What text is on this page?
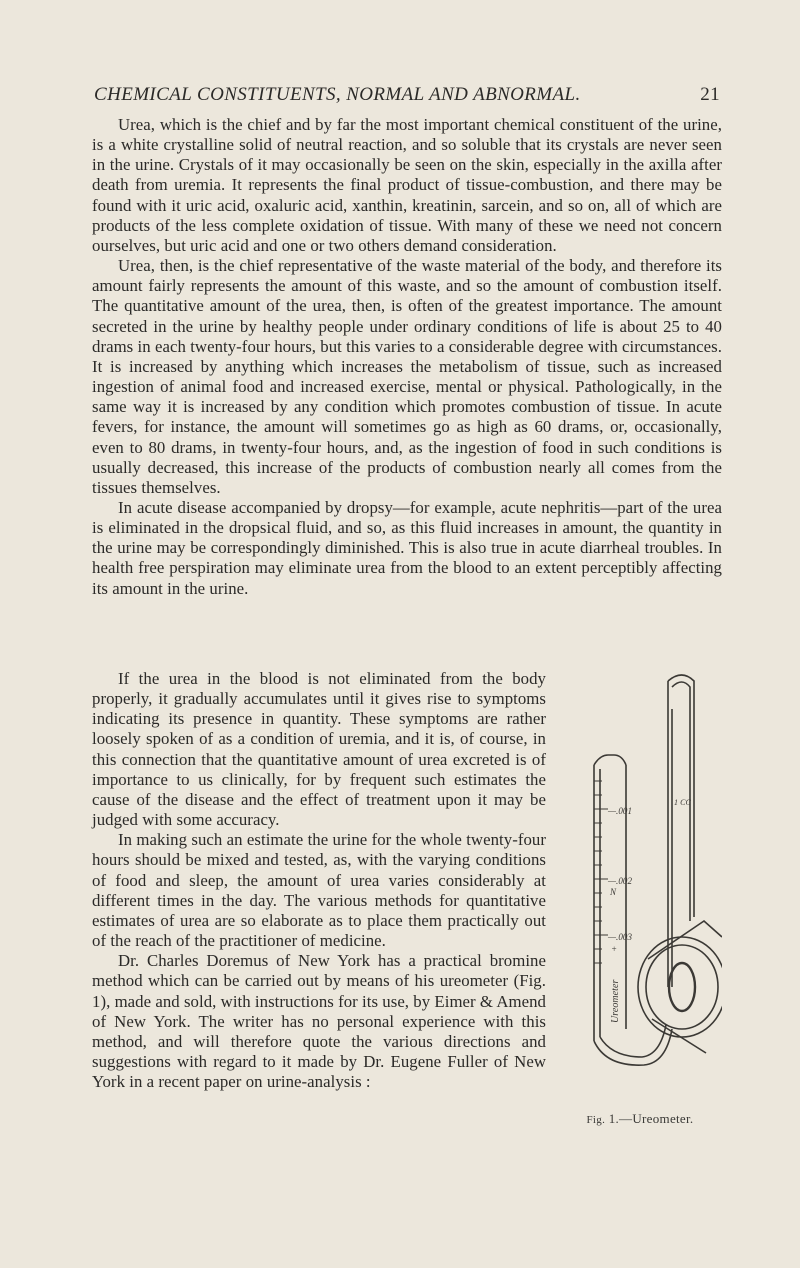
CHEMICAL CONSTITUENTS, NORMAL AND ABNORMAL.	21

Urea, which is the chief and by far the most important chemical constituent of the urine, is a white crystalline solid of neutral reaction, and so soluble that its crystals are never seen in the urine. Crystals of it may occasionally be seen on the skin, especially in the axilla after death from uremia. It represents the final product of tissue-combustion, and there may be found with it uric acid, oxaluric acid, xanthin, kreatinin, sarcein, and so on, all of which are products of the less complete oxidation of tissue. With many of these we need not concern ourselves, but uric acid and one or two others demand consideration.

Urea, then, is the chief representative of the waste material of the body, and therefore its amount fairly represents the amount of this waste, and so the amount of combustion itself. The quantitative amount of the urea, then, is often of the greatest importance. The amount secreted in the urine by healthy people under ordinary conditions of life is about 25 to 40 drams in each twenty-four hours, but this varies to a considerable degree with circumstances. It is increased by anything which increases the metabolism of tissue, such as increased ingestion of animal food and increased exercise, mental or physical. Pathologically, in the same way it is increased by any condition which promotes combustion of tissue. In acute fevers, for instance, the amount will sometimes go as high as 60 drams, or, occasionally, even to 80 drams, in twenty-four hours, and, as the ingestion of food in such conditions is usually decreased, this increase of the products of combustion nearly all comes from the tissues themselves.

In acute disease accompanied by dropsy—for example, acute nephritis—part of the urea is eliminated in the dropsical fluid, and so, as this fluid increases in amount, the quantity in the urine may be correspondingly diminished. This is also true in acute diarrheal troubles. In health free perspiration may eliminate urea from the blood to an extent perceptibly affecting its amount in the urine.

—.001
—.002
N
—.003
+
1 CC
Ureometer
Fig. 1.—Ureometer.

If the urea in the blood is not eliminated from the body properly, it gradually accumulates until it gives rise to symptoms indicating its presence in quantity. These symptoms are rather loosely spoken of as a condition of uremia, and it is, of course, in this connection that the quantitative amount of urea excreted is of importance to us clinically, for by frequent such estimates the cause of the disease and the effect of treatment upon it may be judged with some accuracy.

In making such an estimate the urine for the whole twenty-four hours should be mixed and tested, as, with the varying conditions of food and sleep, the amount of urea varies considerably at different times in the day. The various methods for quantitative estimates of urea are so elaborate as to place them practically out of the reach of the practitioner of medicine.

Dr. Charles Doremus of New York has a practical bromine method which can be carried out by means of his ureometer (Fig. 1), made and sold, with instructions for its use, by Eimer & Amend of New York. The writer has no personal experience with this method, and will therefore quote the various directions and suggestions with regard to it made by Dr. Eugene Fuller of New York in a recent paper on urine-analysis :
